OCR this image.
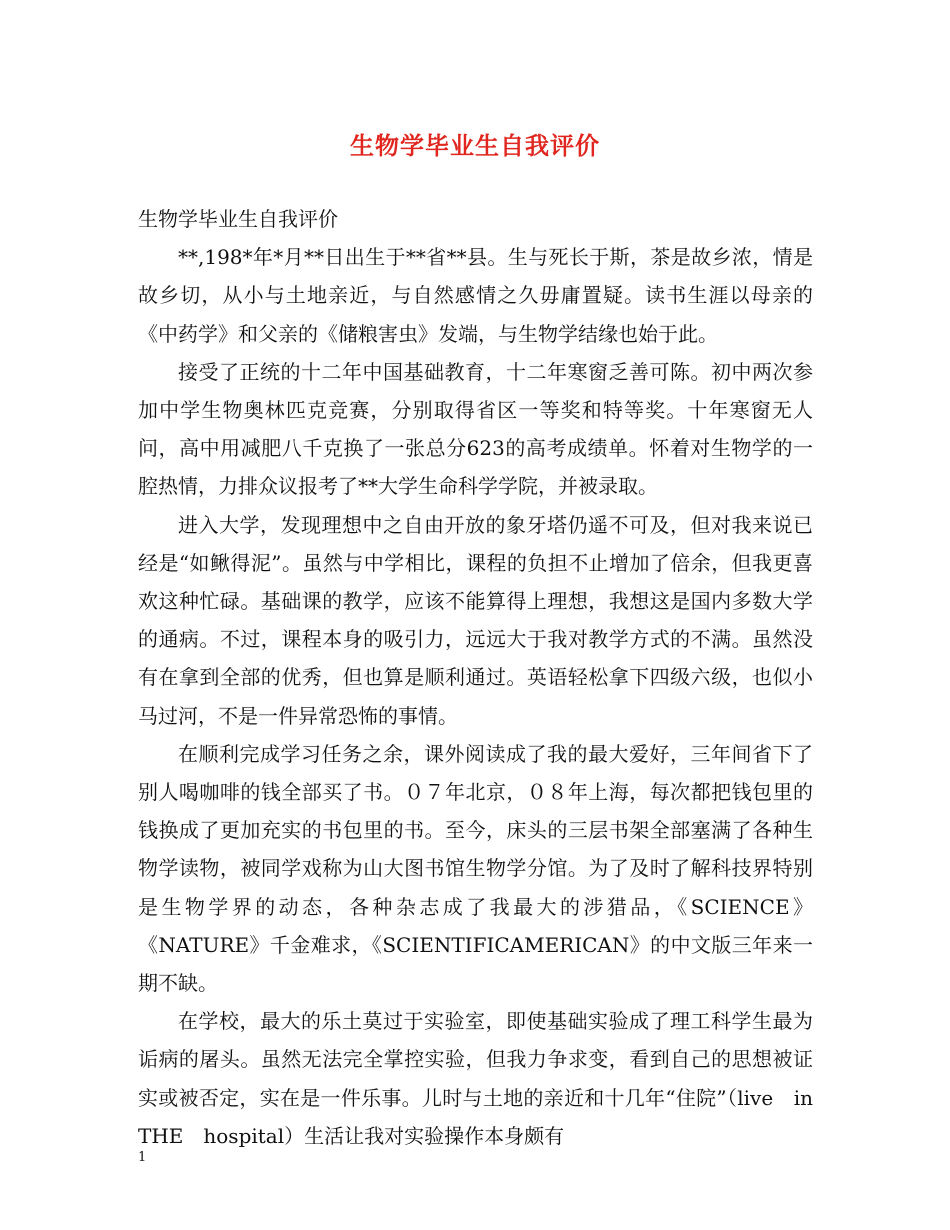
生物学毕业生自我评价

生物学毕业生自我评价

**,198*年*月**日出生于**省**县。生与死长于斯，茶是故乡浓，情是故乡切，从小与土地亲近，与自然感情之久毋庸置疑。读书生涯以母亲的《中药学》和父亲的《储粮害虫》发端，与生物学结缘也始于此。

接受了正统的十二年中国基础教育，十二年寒窗乏善可陈。初中两次参加中学生物奥林匹克竞赛，分别取得省区一等奖和特等奖。十年寒窗无人问，高中用减肥八千克换了一张总分623的高考成绩单。怀着对生物学的一腔热情，力排众议报考了**大学生命科学学院，并被录取。

进入大学，发现理想中之自由开放的象牙塔仍遥不可及，但对我来说已经是“如鳅得泥”。虽然与中学相比，课程的负担不止增加了倍余，但我更喜欢这种忙碌。基础课的教学，应该不能算得上理想，我想这是国内多数大学的通病。不过，课程本身的吸引力，远远大于我对教学方式的不满。虽然没有在拿到全部的优秀，但也算是顺利通过。英语轻松拿下四级六级，也似小马过河，不是一件异常恐怖的事情。

在顺利完成学习任务之余，课外阅读成了我的最大爱好，三年间省下了别人喝咖啡的钱全部买了书。０７年北京，０８年上海，每次都把钱包里的钱换成了更加充实的书包里的书。至今，床头的三层书架全部塞满了各种生物学读物，被同学戏称为山大图书馆生物学分馆。为了及时了解科技界特别是生物学界的动态，各种杂志成了我最大的涉猎品，《SCIENCE》《NATURE》千金难求，《SCIENTIFICAMERICAN》的中文版三年来一期不缺。

在学校，最大的乐土莫过于实验室，即使基础实验成了理工科学生最为诟病的屠头。虽然无法完全掌控实验，但我力争求变，看到自己的思想被证实或被否定，实在是一件乐事。儿时与土地的亲近和十几年“住院”（live　in　THE　hospital）生活让我对实验操作本身颇有

1
